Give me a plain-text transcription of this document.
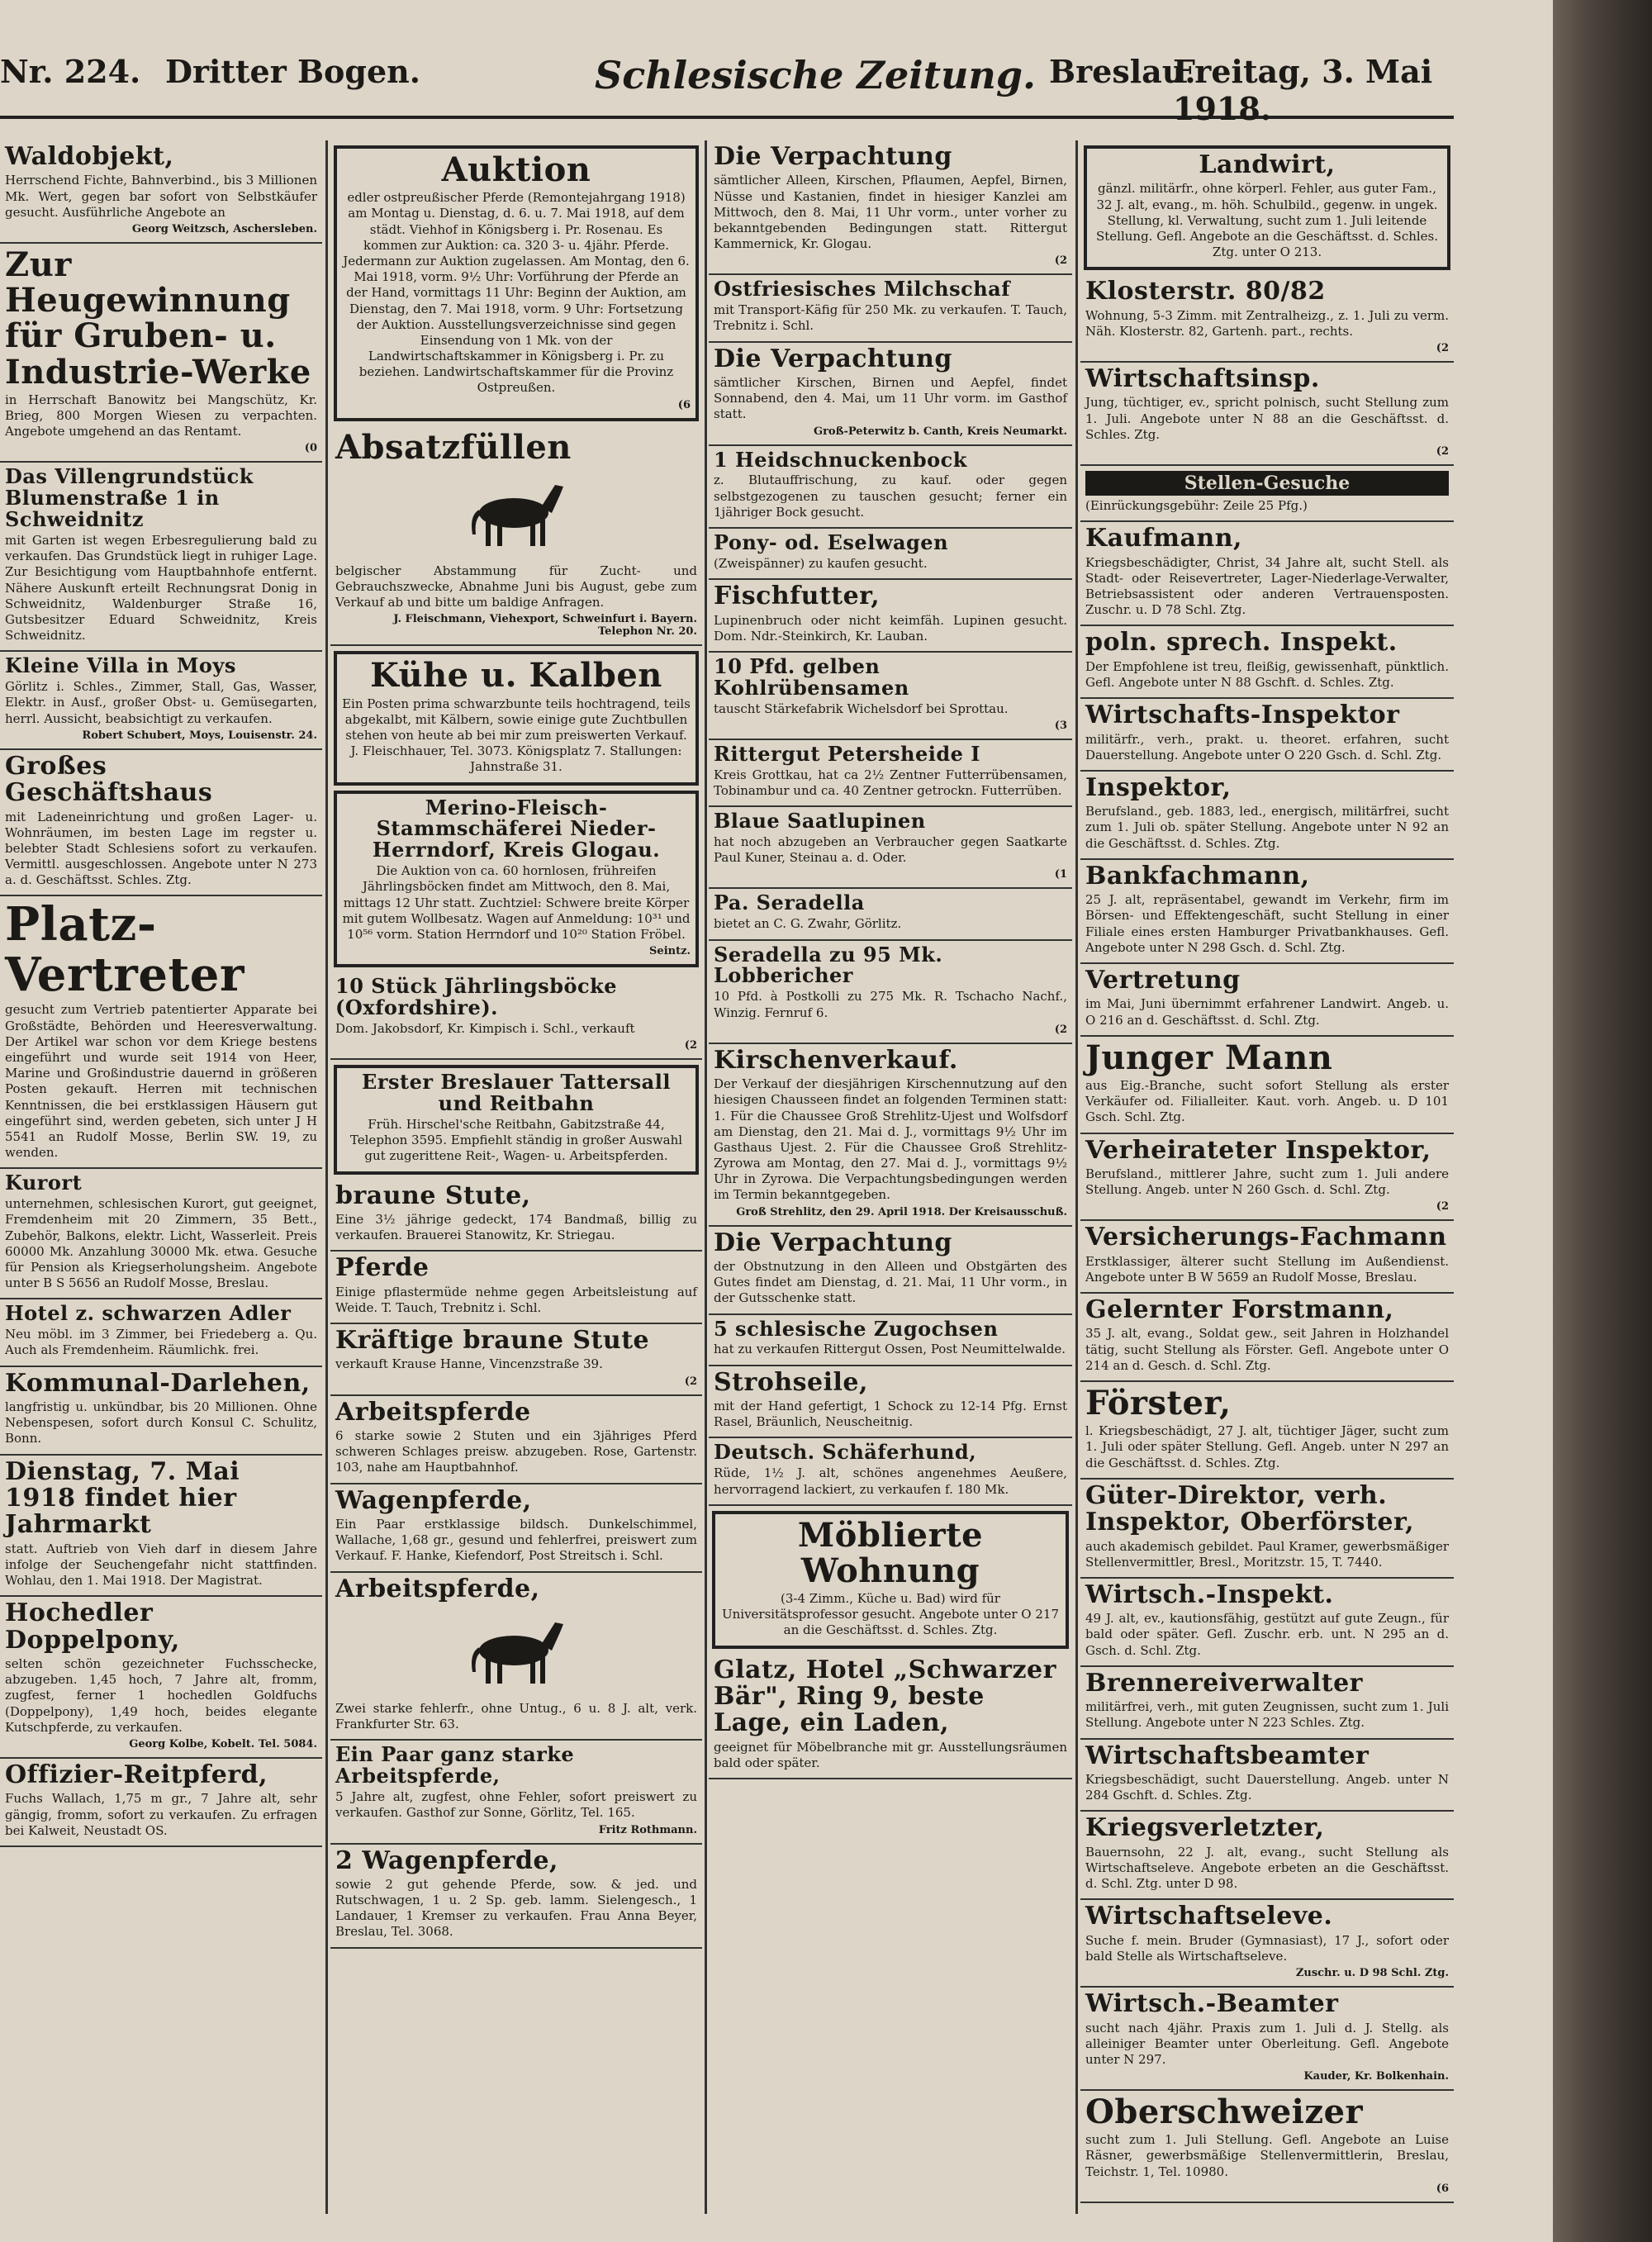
Nr. 224. Dritter Bogen.	Schlesische Zeitung. Breslau.
Freitag, 3. Mai 1918.
Waldobjekt,
Herrschend Fichte, Bahnverbind., bis 3 Millionen Mk. Wert, gegen bar sofort von Selbstkäufer gesucht. Ausführliche Angebote an
Georg Weitzsch, Aschersleben.
Zur Heugewinnung für Gruben- u. Industrie-Werke
in Herrschaft Banowitz bei Mangschütz, Kr. Brieg, 800 Morgen Wiesen zu verpachten. Angebote umgehend an das Rentamt.
(0
Das Villengrundstück Blumenstraße 1 in Schweidnitz
mit Garten ist wegen Erbesregulierung bald zu verkaufen. Das Grundstück liegt in ruhiger Lage. Zur Besichtigung vom Hauptbahnhofe entfernt. Nähere Auskunft erteilt Rechnungsrat Donig in Schweidnitz, Waldenburger Straße 16, Gutsbesitzer Eduard Schweidnitz, Kreis Schweidnitz.
Kleine Villa in Moys
Görlitz i. Schles., Zimmer, Stall, Gas, Wasser, Elektr. in Ausf., großer Obst- u. Gemüsegarten, herrl. Aussicht, beabsichtigt zu verkaufen.
Robert Schubert, Moys, Louisenstr. 24.
Großes Geschäftshaus
mit Ladeneinrichtung und großen Lager- u. Wohnräumen, im besten Lage im regster u. belebter Stadt Schlesiens sofort zu verkaufen. Vermittl. ausgeschlossen. Angebote unter N 273 a. d. Geschäftsst. Schles. Ztg.
Platz-Vertreter
gesucht zum Vertrieb patentierter Apparate bei Großstädte, Behörden und Heeresverwaltung. Der Artikel war schon vor dem Kriege bestens eingeführt und wurde seit 1914 von Heer, Marine und Großindustrie dauernd in größeren Posten gekauft. Herren mit technischen Kenntnissen, die bei erstklassigen Häusern gut eingeführt sind, werden gebeten, sich unter J H 5541 an Rudolf Mosse, Berlin SW. 19, zu wenden.
Kurort
unternehmen, schlesischen Kurort, gut geeignet, Fremdenheim mit 20 Zimmern, 35 Bett., Zubehör, Balkons, elektr. Licht, Wasserleit. Preis 60000 Mk. Anzahlung 30000 Mk. etwa. Gesuche für Pension als Kriegserholungsheim. Angebote unter B S 5656 an Rudolf Mosse, Breslau.
Hotel z. schwarzen Adler
Neu möbl. im 3 Zimmer, bei Friedeberg a. Qu. Auch als Fremdenheim. Räumlichk. frei.
Kommunal-Darlehen,
langfristig u. unkündbar, bis 20 Millionen. Ohne Nebenspesen, sofort durch Konsul C. Schulitz, Bonn.
Dienstag, 7. Mai 1918 findet hier Jahrmarkt
statt. Auftrieb von Vieh darf in diesem Jahre infolge der Seuchengefahr nicht stattfinden. Wohlau, den 1. Mai 1918. Der Magistrat.
Hochedler Doppelpony,
selten schön gezeichneter Fuchsschecke, abzugeben. 1,45 hoch, 7 Jahre alt, fromm, zugfest, ferner 1 hochedlen Goldfuchs (Doppelpony), 1,49 hoch, beides elegante Kutschpferde, zu verkaufen.
Georg Kolbe, Kobelt. Tel. 5084.
Offizier-Reitpferd,
Fuchs Wallach, 1,75 m gr., 7 Jahre alt, sehr gängig, fromm, sofort zu verkaufen. Zu erfragen bei Kalweit, Neustadt OS.
Auktion
edler ostpreußischer Pferde (Remontejahrgang 1918) am Montag u. Dienstag, d. 6. u. 7. Mai 1918, auf dem städt. Viehhof in Königsberg i. Pr. Rosenau. Es kommen zur Auktion: ca. 320 3- u. 4jähr. Pferde. Jedermann zur Auktion zugelassen. Am Montag, den 6. Mai 1918, vorm. 9½ Uhr: Vorführung der Pferde an der Hand, vormittags 11 Uhr: Beginn der Auktion, am Dienstag, den 7. Mai 1918, vorm. 9 Uhr: Fortsetzung der Auktion. Ausstellungsverzeichnisse sind gegen Einsendung von 1 Mk. von der Landwirtschaftskammer in Königsberg i. Pr. zu beziehen. Landwirtschaftskammer für die Provinz Ostpreußen.
(6
Absatzfüllen
belgischer Abstammung für Zucht- und Gebrauchszwecke, Abnahme Juni bis August, gebe zum Verkauf ab und bitte um baldige Anfragen.
J. Fleischmann, Viehexport, Schweinfurt i. Bayern. Telephon Nr. 20.
Kühe u. Kalben
Ein Posten prima schwarzbunte teils hochtragend, teils abgekalbt, mit Kälbern, sowie einige gute Zuchtbullen stehen von heute ab bei mir zum preiswerten Verkauf. J. Fleischhauer, Tel. 3073. Königsplatz 7. Stallungen: Jahnstraße 31.
Merino-Fleisch-Stammschäferei Nieder-Herrndorf, Kreis Glogau.
Die Auktion von ca. 60 hornlosen, frühreifen Jährlingsböcken findet am Mittwoch, den 8. Mai, mittags 12 Uhr statt. Zuchtziel: Schwere breite Körper mit gutem Wollbesatz. Wagen auf Anmeldung: 10³¹ und 10⁵⁶ vorm. Station Herrndorf und 10²⁰ Station Fröbel.
Seintz.
10 Stück Jährlingsböcke (Oxfordshire).
Dom. Jakobsdorf, Kr. Kimpisch i. Schl., verkauft
(2
Erster Breslauer Tattersall und Reitbahn
Früh. Hirschel'sche Reitbahn, Gabitzstraße 44, Telephon 3595. Empfiehlt ständig in großer Auswahl gut zugerittene Reit-, Wagen- u. Arbeitspferden.
braune Stute,
Eine 3½ jährige gedeckt, 174 Bandmaß, billig zu verkaufen. Brauerei Stanowitz, Kr. Striegau.
Pferde
Einige pflastermüde nehme gegen Arbeitsleistung auf Weide. T. Tauch, Trebnitz i. Schl.
Kräftige braune Stute
verkauft Krause Hanne, Vincenzstraße 39.
(2
Arbeitspferde
6 starke sowie 2 Stuten und ein 3jähriges Pferd schweren Schlages preisw. abzugeben. Rose, Gartenstr. 103, nahe am Hauptbahnhof.
Wagenpferde,
Ein Paar erstklassige bildsch. Dunkelschimmel, Wallache, 1,68 gr., gesund und fehlerfrei, preiswert zum Verkauf. F. Hanke, Kiefendorf, Post Streitsch i. Schl.
Arbeitspferde,
Zwei starke fehlerfr., ohne Untug., 6 u. 8 J. alt, verk. Frankfurter Str. 63.
Ein Paar ganz starke Arbeitspferde,
5 Jahre alt, zugfest, ohne Fehler, sofort preiswert zu verkaufen. Gasthof zur Sonne, Görlitz, Tel. 165.
Fritz Rothmann.
2 Wagenpferde,
sowie 2 gut gehende Pferde, sow. & jed. und Rutschwagen, 1 u. 2 Sp. geb. lamm. Sielengesch., 1 Landauer, 1 Kremser zu verkaufen. Frau Anna Beyer, Breslau, Tel. 3068.
Die Verpachtung
sämtlicher Alleen, Kirschen, Pflaumen, Aepfel, Birnen, Nüsse und Kastanien, findet in hiesiger Kanzlei am Mittwoch, den 8. Mai, 11 Uhr vorm., unter vorher zu bekanntgebenden Bedingungen statt. Rittergut Kammernick, Kr. Glogau.
(2
Ostfriesisches Milchschaf
mit Transport-Käfig für 250 Mk. zu verkaufen. T. Tauch, Trebnitz i. Schl.
Die Verpachtung
sämtlicher Kirschen, Birnen und Aepfel, findet Sonnabend, den 4. Mai, um 11 Uhr vorm. im Gasthof statt.
Groß-Peterwitz b. Canth, Kreis Neumarkt.
1 Heidschnuckenbock
z. Blutauffrischung, zu kauf. oder gegen selbstgezogenen zu tauschen gesucht; ferner ein 1jähriger Bock gesucht.
Pony- od. Eselwagen
(Zweispänner) zu kaufen gesucht.
Fischfutter,
Lupinenbruch oder nicht keimfäh. Lupinen gesucht. Dom. Ndr.-Steinkirch, Kr. Lauban.
10 Pfd. gelben Kohlrübensamen
tauscht Stärkefabrik Wichelsdorf bei Sprottau.
(3
Rittergut Petersheide I
Kreis Grottkau, hat ca 2½ Zentner Futterrübensamen, Tobinambur und ca. 40 Zentner getrockn. Futterrüben.
Blaue Saatlupinen
hat noch abzugeben an Verbraucher gegen Saatkarte Paul Kuner, Steinau a. d. Oder.
(1
Pa. Seradella
bietet an C. G. Zwahr, Görlitz.
Seradella zu 95 Mk. Lobbericher
10 Pfd. à Postkolli zu 275 Mk. R. Tschacho Nachf., Winzig. Fernruf 6.
(2
Kirschenverkauf.
Der Verkauf der diesjährigen Kirschennutzung auf den hiesigen Chausseen findet an folgenden Terminen statt: 1. Für die Chaussee Groß Strehlitz-Ujest und Wolfsdorf am Dienstag, den 21. Mai d. J., vormittags 9½ Uhr im Gasthaus Ujest. 2. Für die Chaussee Groß Strehlitz-Zyrowa am Montag, den 27. Mai d. J., vormittags 9½ Uhr in Zyrowa. Die Verpachtungsbedingungen werden im Termin bekanntgegeben.
Groß Strehlitz, den 29. April 1918. Der Kreisausschuß.
Die Verpachtung
der Obstnutzung in den Alleen und Obstgärten des Gutes findet am Dienstag, d. 21. Mai, 11 Uhr vorm., in der Gutsschenke statt.
5 schlesische Zugochsen
hat zu verkaufen Rittergut Ossen, Post Neumittelwalde.
Strohseile,
mit der Hand gefertigt, 1 Schock zu 12-14 Pfg. Ernst Rasel, Bräunlich, Neuscheitnig.
Deutsch. Schäferhund,
Rüde, 1½ J. alt, schönes angenehmes Aeußere, hervorragend lackiert, zu verkaufen f. 180 Mk.
Möblierte Wohnung
(3-4 Zimm., Küche u. Bad) wird für Universitätsprofessor gesucht. Angebote unter O 217 an die Geschäftsst. d. Schles. Ztg.
Glatz, Hotel „Schwarzer Bär", Ring 9, beste Lage, ein Laden,
geeignet für Möbelbranche mit gr. Ausstellungsräumen bald oder später.
Landwirt,
gänzl. militärfr., ohne körperl. Fehler, aus guter Fam., 32 J. alt, evang., m. höh. Schulbild., gegenw. in ungek. Stellung, kl. Verwaltung, sucht zum 1. Juli leitende Stellung. Gefl. Angebote an die Geschäftsst. d. Schles. Ztg. unter O 213.
Klosterstr. 80/82
Wohnung, 5-3 Zimm. mit Zentralheizg., z. 1. Juli zu verm. Näh. Klosterstr. 82, Gartenh. part., rechts.
(2
Wirtschaftsinsp.
Jung, tüchtiger, ev., spricht polnisch, sucht Stellung zum 1. Juli. Angebote unter N 88 an die Geschäftsst. d. Schles. Ztg.
(2
Stellen-Gesuche
(Einrückungsgebühr: Zeile 25 Pfg.)
Kaufmann,
Kriegsbeschädigter, Christ, 34 Jahre alt, sucht Stell. als Stadt- oder Reisevertreter, Lager-Niederlage-Verwalter, Betriebsassistent oder anderen Vertrauensposten. Zuschr. u. D 78 Schl. Ztg.
poln. sprech. Inspekt.
Der Empfohlene ist treu, fleißig, gewissenhaft, pünktlich. Gefl. Angebote unter N 88 Gschft. d. Schles. Ztg.
Wirtschafts-Inspektor
militärfr., verh., prakt. u. theoret. erfahren, sucht Dauerstellung. Angebote unter O 220 Gsch. d. Schl. Ztg.
Inspektor,
Berufsland., geb. 1883, led., energisch, militärfrei, sucht zum 1. Juli ob. später Stellung. Angebote unter N 92 an die Geschäftsst. d. Schles. Ztg.
Bankfachmann,
25 J. alt, repräsentabel, gewandt im Verkehr, firm im Börsen- und Effektengeschäft, sucht Stellung in einer Filiale eines ersten Hamburger Privatbankhauses. Gefl. Angebote unter N 298 Gsch. d. Schl. Ztg.
Vertretung
im Mai, Juni übernimmt erfahrener Landwirt. Angeb. u. O 216 an d. Geschäftsst. d. Schl. Ztg.
Junger Mann
aus Eig.-Branche, sucht sofort Stellung als erster Verkäufer od. Filialleiter. Kaut. vorh. Angeb. u. D 101 Gsch. Schl. Ztg.
Verheirateter Inspektor,
Berufsland., mittlerer Jahre, sucht zum 1. Juli andere Stellung. Angeb. unter N 260 Gsch. d. Schl. Ztg.
(2
Versicherungs-Fachmann
Erstklassiger, älterer sucht Stellung im Außendienst. Angebote unter B W 5659 an Rudolf Mosse, Breslau.
Gelernter Forstmann,
35 J. alt, evang., Soldat gew., seit Jahren in Holzhandel tätig, sucht Stellung als Förster. Gefl. Angebote unter O 214 an d. Gesch. d. Schl. Ztg.
Förster,
l. Kriegsbeschädigt, 27 J. alt, tüchtiger Jäger, sucht zum 1. Juli oder später Stellung. Gefl. Angeb. unter N 297 an die Geschäftsst. d. Schles. Ztg.
Güter-Direktor, verh. Inspektor, Oberförster,
auch akademisch gebildet. Paul Kramer, gewerbsmäßiger Stellenvermittler, Bresl., Moritzstr. 15, T. 7440.
Wirtsch.-Inspekt.
49 J. alt, ev., kautionsfähig, gestützt auf gute Zeugn., für bald oder später. Gefl. Zuschr. erb. unt. N 295 an d. Gsch. d. Schl. Ztg.
Brennereiverwalter
militärfrei, verh., mit guten Zeugnissen, sucht zum 1. Juli Stellung. Angebote unter N 223 Schles. Ztg.
Wirtschaftsbeamter
Kriegsbeschädigt, sucht Dauerstellung. Angeb. unter N 284 Gschft. d. Schles. Ztg.
Kriegsverletzter,
Bauernsohn, 22 J. alt, evang., sucht Stellung als Wirtschaftseleve. Angebote erbeten an die Geschäftsst. d. Schl. Ztg. unter D 98.
Wirtschaftseleve.
Suche f. mein. Bruder (Gymnasiast), 17 J., sofort oder bald Stelle als Wirtschaftseleve.
Zuschr. u. D 98 Schl. Ztg.
Wirtsch.-Beamter
sucht nach 4jähr. Praxis zum 1. Juli d. J. Stellg. als alleiniger Beamter unter Oberleitung. Gefl. Angebote unter N 297.
Kauder, Kr. Bolkenhain.
Oberschweizer
sucht zum 1. Juli Stellung. Gefl. Angebote an Luise Räsner, gewerbsmäßige Stellenvermittlerin, Breslau, Teichstr. 1, Tel. 10980.
(6
